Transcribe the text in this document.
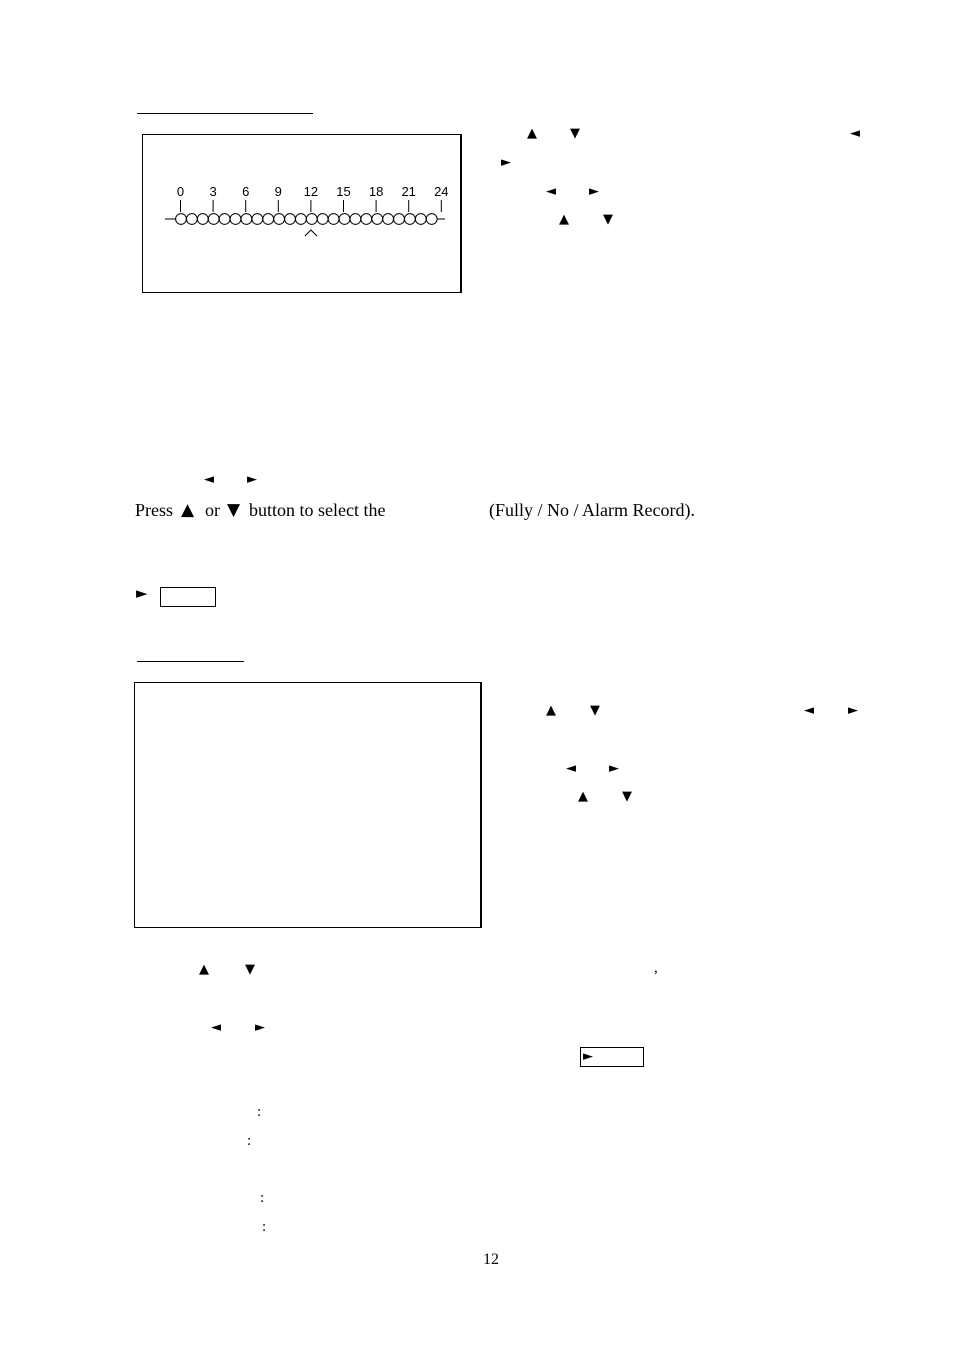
0 3 6 9 12 15 18 21 24
▲	▼	◄
►
◄	►
▲	▼
◄	►
Press ▲ or ▼ button to select the	(Fully / No / Alarm Record).
►
▲	▼	◄	►
◄	►
▲	▼
▲	▼	,
◄	►
►
:
:
:
:
12
